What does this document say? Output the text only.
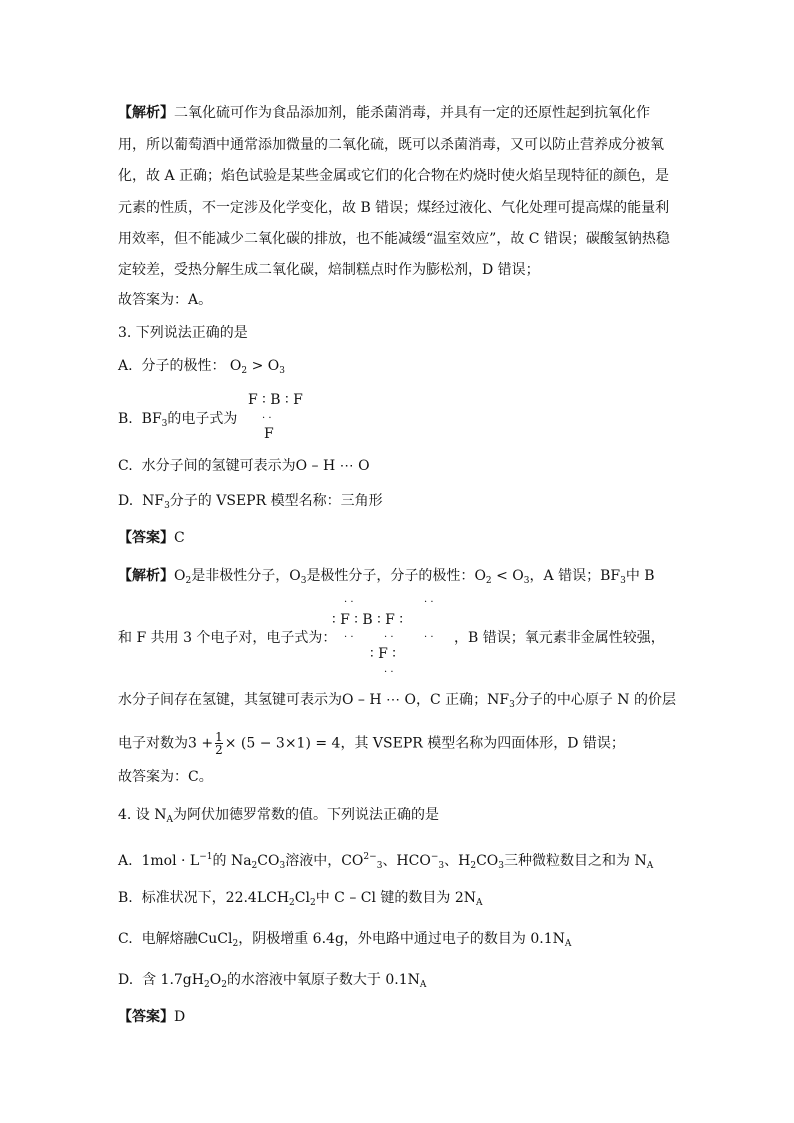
【解析】二氧化硫可作为食品添加剂，能杀菌消毒，并具有一定的还原性起到抗氧化作
用，所以葡萄酒中通常添加微量的二氧化硫，既可以杀菌消毒，又可以防止营养成分被氧
化，故 A 正确；焰色试验是某些金属或它们的化合物在灼烧时使火焰呈现特征的颜色，是
元素的性质，不一定涉及化学变化，故 B 错误；煤经过液化、气化处理可提高煤的能量利
用效率，但不能减少二氧化碳的排放，也不能减缓“温室效应”，故 C 错误；碳酸氢钠热稳
定较差，受热分解生成二氧化碳，焙制糕点时作为膨松剂，D 错误；
故答案为：A。
3. 下列说法正确的是
A. 分子的极性： $O_2 > O_3$
B. $BF_3$的电子式为
F ∶ B ∶ F
· ·
F
C. 水分子间的氢键可表示为O – H ⋯ O
D. $NF_3$分子的 VSEPR 模型名称：三角形
【答案】C
【解析】$O_2$是非极性分子，$O_3$是极性分子，分子的极性：$O_2 < O_3$，A 错误；$BF_3$中 B
· ·	· ·
和 F 共用 3 个电子对，电子式为：
∶ F ∶ B ∶ F ∶
· ·	· ·	· ·
∶ F ∶
· ·
，B 错误；氧元素非金属性较强，
水分子间存在氢键，其氢键可表示为O – H ⋯ O，C 正确；$NF_3$分子的中心原子 N 的价层
电子对数为$3 + \frac{1}{2} \times (5 - 3\times 1) = 4$，其 VSEPR 模型名称为四面体形，D 错误；
故答案为：C。
4. 设 $N_A$为阿伏加德罗常数的值。下列说法正确的是
A. $1mol \cdot L^{-1}$的 $Na_2CO_3$溶液中，$CO^{2-}_3$、$HCO^-_3$、$H_2CO_3$三种微粒数目之和为 $N_A$
B. 标准状况下，$22.4LCH_2Cl_2$中 C – Cl 键的数目为 $2N_A$
C. 电解熔融CuCl$_2$，阴极增重 6.4g，外电路中通过电子的数目为 $0.1N_A$
D. 含 $1.7gH_2O_2$的水溶液中氧原子数大于 $0.1N_A$
【答案】D
